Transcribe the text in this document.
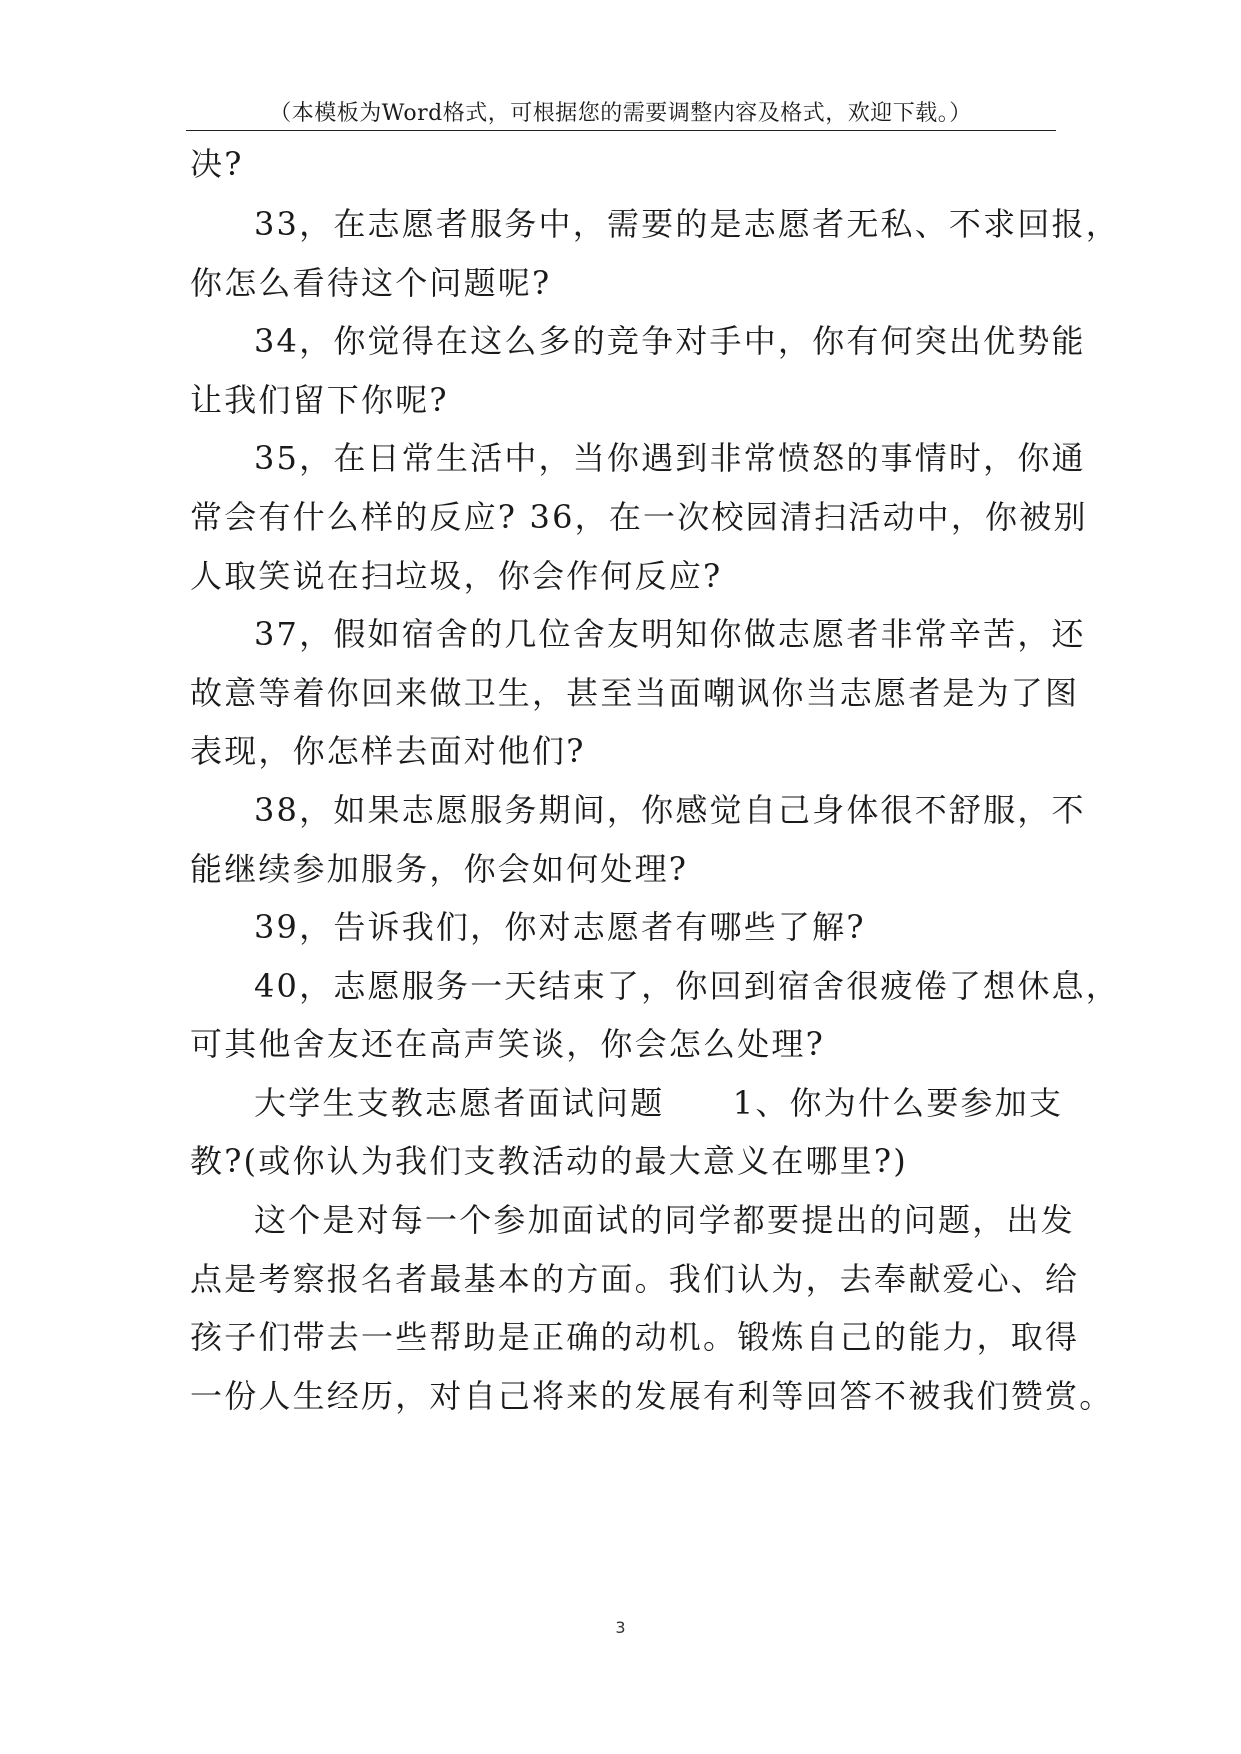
（本模板为Word格式，可根据您的需要调整内容及格式，欢迎下载。）
决?
33，在志愿者服务中，需要的是志愿者无私、不求回报，
你怎么看待这个问题呢?
34，你觉得在这么多的竞争对手中，你有何突出优势能
让我们留下你呢?
35，在日常生活中，当你遇到非常愤怒的事情时，你通
常会有什么样的反应? 36，在一次校园清扫活动中，你被别
人取笑说在扫垃圾，你会作何反应?
37，假如宿舍的几位舍友明知你做志愿者非常辛苦，还
故意等着你回来做卫生，甚至当面嘲讽你当志愿者是为了图
表现，你怎样去面对他们?
38，如果志愿服务期间，你感觉自己身体很不舒服，不
能继续参加服务，你会如何处理?
39，告诉我们，你对志愿者有哪些了解?
40，志愿服务一天结束了，你回到宿舍很疲倦了想休息，
可其他舍友还在高声笑谈，你会怎么处理?
大学生支教志愿者面试问题　　1、你为什么要参加支
教?(或你认为我们支教活动的最大意义在哪里?)
这个是对每一个参加面试的同学都要提出的问题，出发
点是考察报名者最基本的方面。我们认为，去奉献爱心、给
孩子们带去一些帮助是正确的动机。锻炼自己的能力，取得
一份人生经历，对自己将来的发展有利等回答不被我们赞赏。
3
